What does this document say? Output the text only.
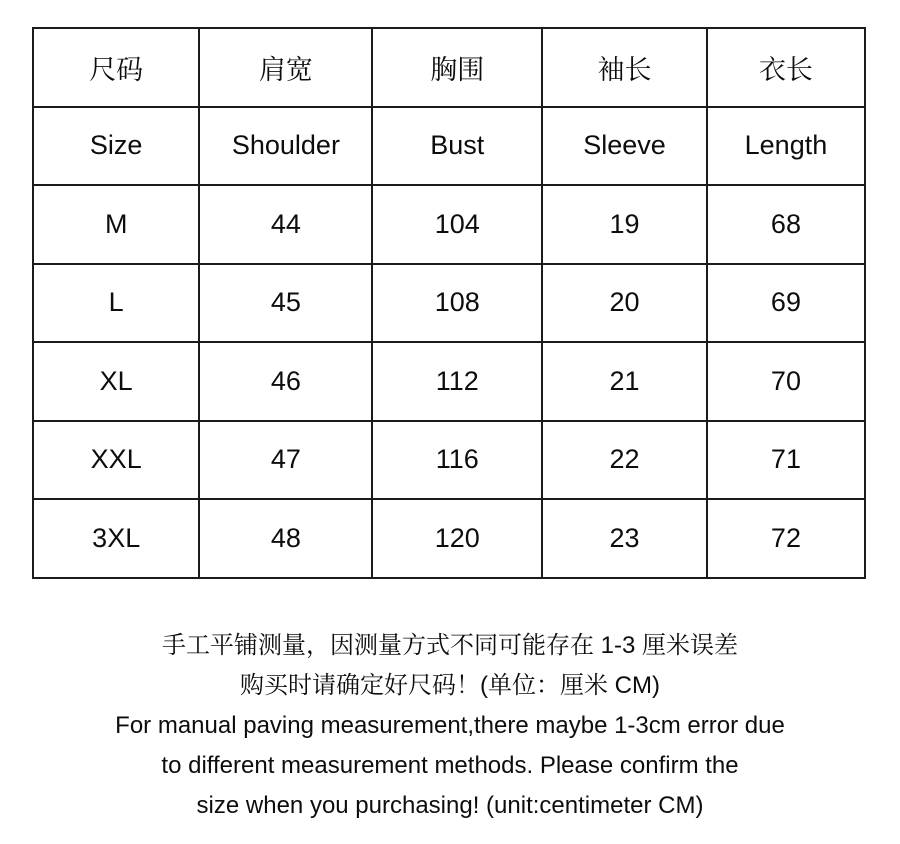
尺码	肩宽	胸围	袖长	衣长
Size	Shoulder	Bust	Sleeve	Length
M	44	104	19	68
L	45	108	20	69
XL	46	112	21	70
XXL	47	116	22	71
3XL	48	120	23	72

手工平铺测量，因测量方式不同可能存在 1-3 厘米误差

购买时请确定好尺码！(单位：厘米 CM)

For manual paving measurement,there maybe 1-3cm error due

to different measurement methods. Please confirm the

size when you purchasing! (unit:centimeter CM)
